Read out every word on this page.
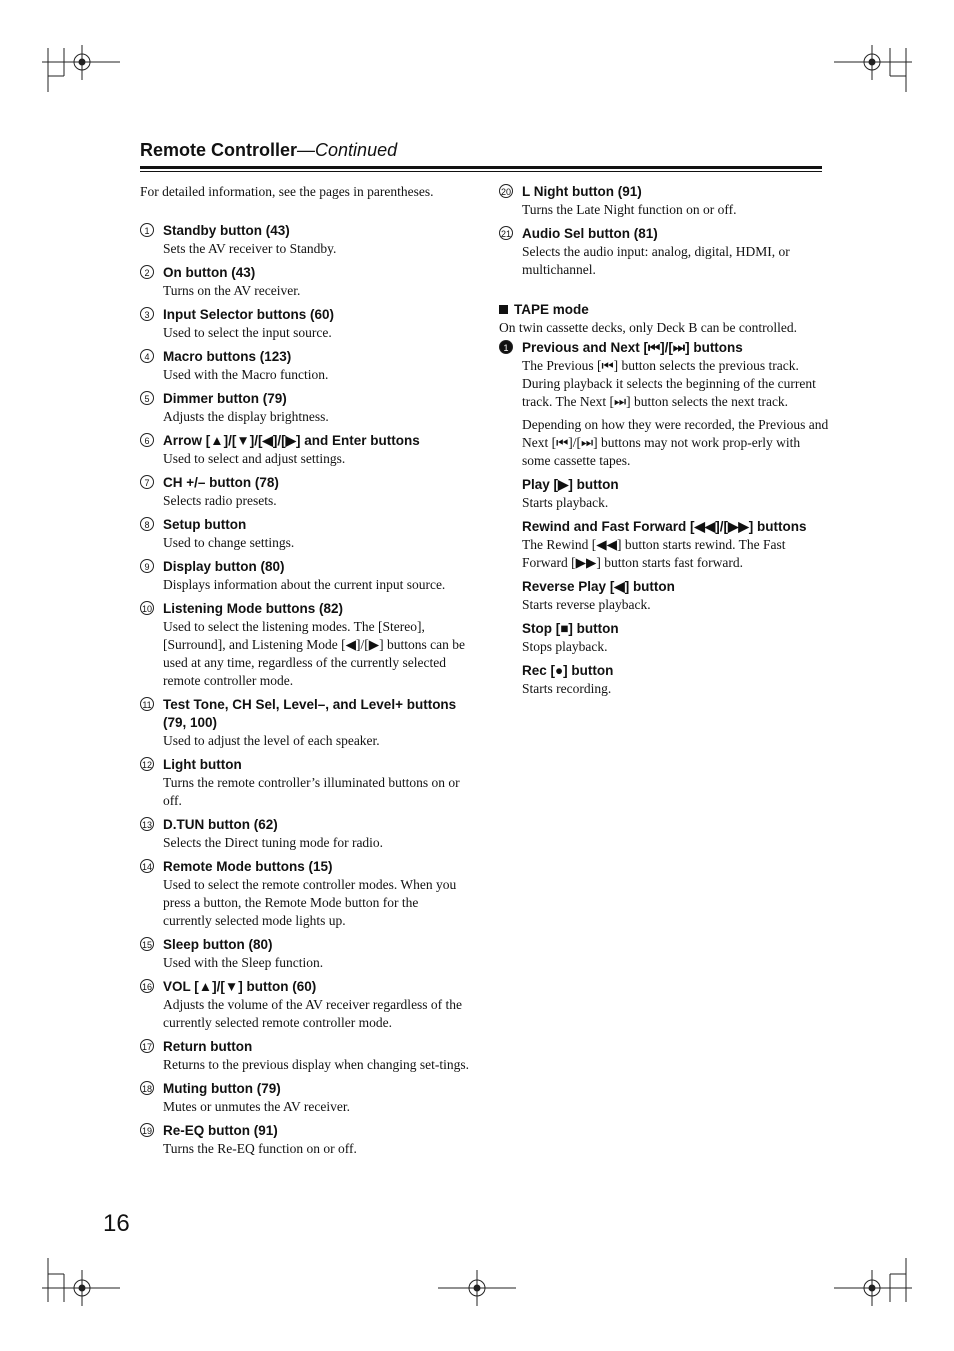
Remote Controller—Continued
For detailed information, see the pages in parentheses.
1	Standby button (43)
Sets the AV receiver to Standby.
2	On button (43)
Turns on the AV receiver.
3	Input Selector buttons (60)
Used to select the input source.
4	Macro buttons (123)
Used with the Macro function.
5	Dimmer button (79)
Adjusts the display brightness.
6	Arrow [▲]/[▼]/[◀]/[▶] and Enter buttons
Used to select and adjust settings.
7	CH +/– button (78)
Selects radio presets.
8	Setup button
Used to change settings.
9	Display button (80)
Displays information about the current input source.
10 Listening Mode buttons (82)
Used to select the listening modes. The [Stereo], [Surround], and Listening Mode [◀]/[▶] buttons can be used at any time, regardless of the currently selected remote controller mode.
11 Test Tone, CH Sel, Level–, and Level+ buttons (79, 100)
Used to adjust the level of each speaker.
12 Light button
Turns the remote controller’s illuminated buttons on or off.
13 D.TUN button (62)
Selects the Direct tuning mode for radio.
14 Remote Mode buttons (15)
Used to select the remote controller modes. When you press a button, the Remote Mode button for the currently selected mode lights up.
15 Sleep button (80)
Used with the Sleep function.
16 VOL [▲]/[▼] button (60)
Adjusts the volume of the AV receiver regardless of the currently selected remote controller mode.
17 Return button
Returns to the previous display when changing set-tings.
18 Muting button (79)
Mutes or unmutes the AV receiver.
19 Re-EQ button (91)
Turns the Re-EQ function on or off.
20 L Night button (91)
Turns the Late Night function on or off.
21 Audio Sel button (81)
Selects the audio input: analog, digital, HDMI, or multichannel.
TAPE mode
On twin cassette decks, only Deck B can be controlled.
1	Previous and Next [⏮]/[⏭] buttons
The Previous [⏮] button selects the previous track. During playback it selects the beginning of the current track. The Next [⏭] button selects the next track.
Depending on how they were recorded, the Previous and Next [⏮]/[⏭] buttons may not work prop-erly with some cassette tapes.
Play [▶] button
Starts playback.
Rewind and Fast Forward [◀◀]/[▶▶] buttons
The Rewind [◀◀] button starts rewind. The Fast Forward [▶▶] button starts fast forward.
Reverse Play [◀] button
Starts reverse playback.
Stop [■] button
Stops playback.
Rec [●] button
Starts recording.
16
